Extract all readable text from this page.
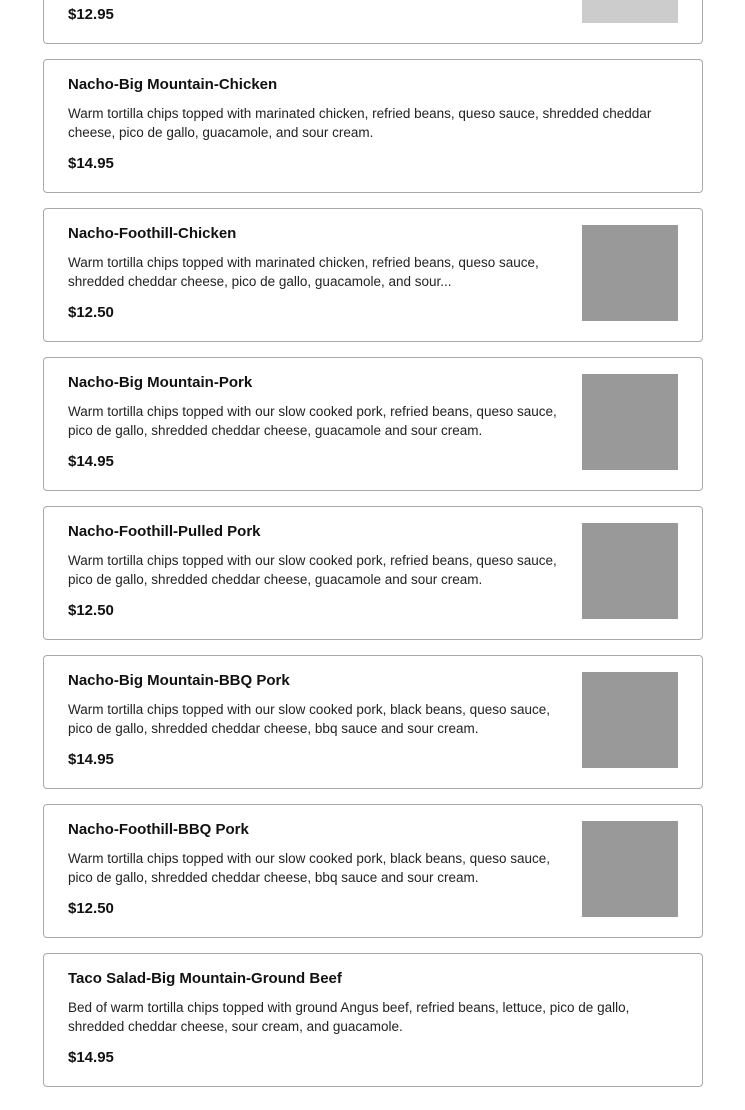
$12.95
Nacho-Big Mountain-Chicken

Warm tortilla chips topped with marinated chicken, refried beans, queso sauce, shredded cheddar cheese, pico de gallo, guacamole, and sour cream.

$14.95
Nacho-Foothill-Chicken

Warm tortilla chips topped with marinated chicken, refried beans, queso sauce, shredded cheddar cheese, pico de gallo, guacamole, and sour...

$12.50
Nacho-Big Mountain-Pork

Warm tortilla chips topped with our slow cooked pork, refried beans, queso sauce, pico de gallo, shredded cheddar cheese, guacamole and sour cream.

$14.95
Nacho-Foothill-Pulled Pork

Warm tortilla chips topped with our slow cooked pork, refried beans, queso sauce, pico de gallo, shredded cheddar cheese, guacamole and sour cream.

$12.50
Nacho-Big Mountain-BBQ Pork

Warm tortilla chips topped with our slow cooked pork, black beans, queso sauce, pico de gallo, shredded cheddar cheese, bbq sauce and sour cream.

$14.95
Nacho-Foothill-BBQ Pork

Warm tortilla chips topped with our slow cooked pork, black beans, queso sauce, pico de gallo, shredded cheddar cheese, bbq sauce and sour cream.

$12.50
Taco Salad-Big Mountain-Ground Beef

Bed of warm tortilla chips topped with ground Angus beef, refried beans, lettuce, pico de gallo, shredded cheddar cheese, sour cream, and guacamole.

$14.95
